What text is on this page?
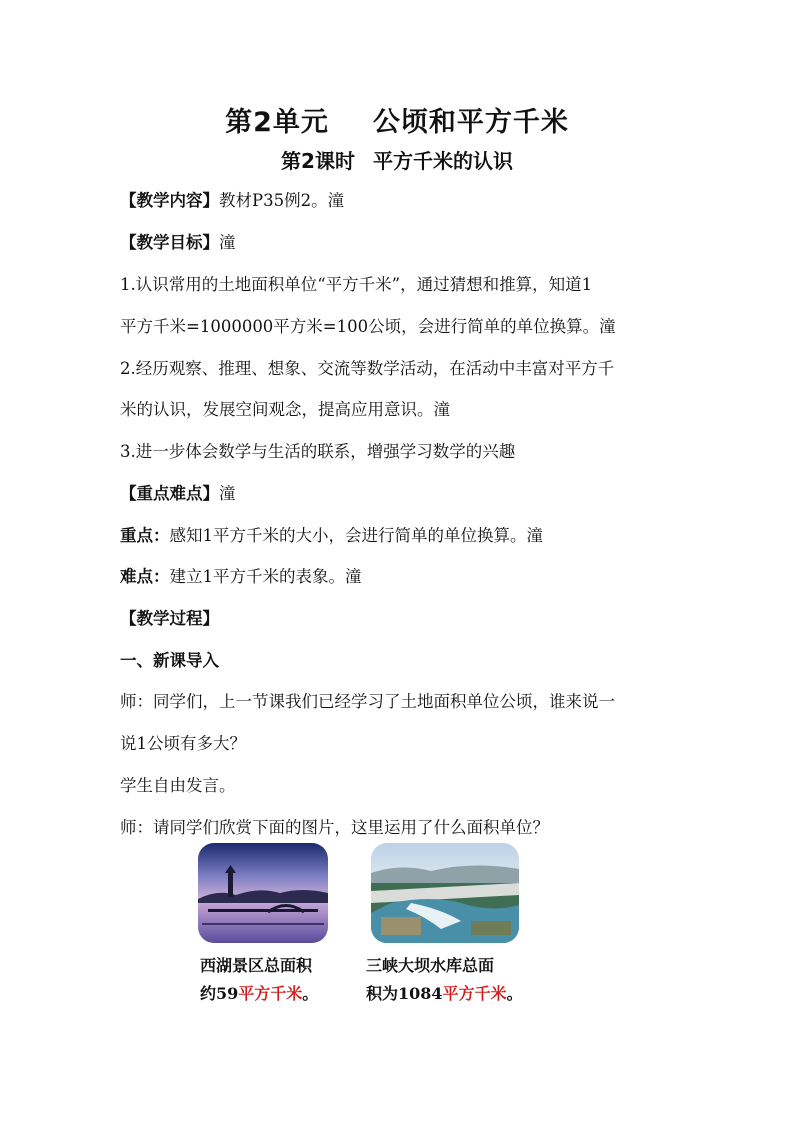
第2单元 公顷和平方千米
第2课时 平方千米的认识
【教学内容】教材P35例2。潼
【教学目标】潼
1.认识常用的土地面积单位“平方千米”，通过猜想和推算，知道1
平方千米=1000000平方米=100公顷，会进行简单的单位换算。潼
2.经历观察、推理、想象、交流等数学活动，在活动中丰富对平方千
米的认识，发展空间观念，提高应用意识。潼
3.进一步体会数学与生活的联系，增强学习数学的兴趣
【重点难点】潼
重点：感知1平方千米的大小，会进行简单的单位换算。潼
难点：建立1平方千米的表象。潼
【教学过程】
一、新课导入
师：同学们，上一节课我们已经学习了土地面积单位公顷，谁来说一
说1公顷有多大？
学生自由发言。
师：请同学们欣赏下面的图片，这里运用了什么面积单位？
西湖景区总面积
约59平方千米。
三峡大坝水库总面
积为1084平方千米。
